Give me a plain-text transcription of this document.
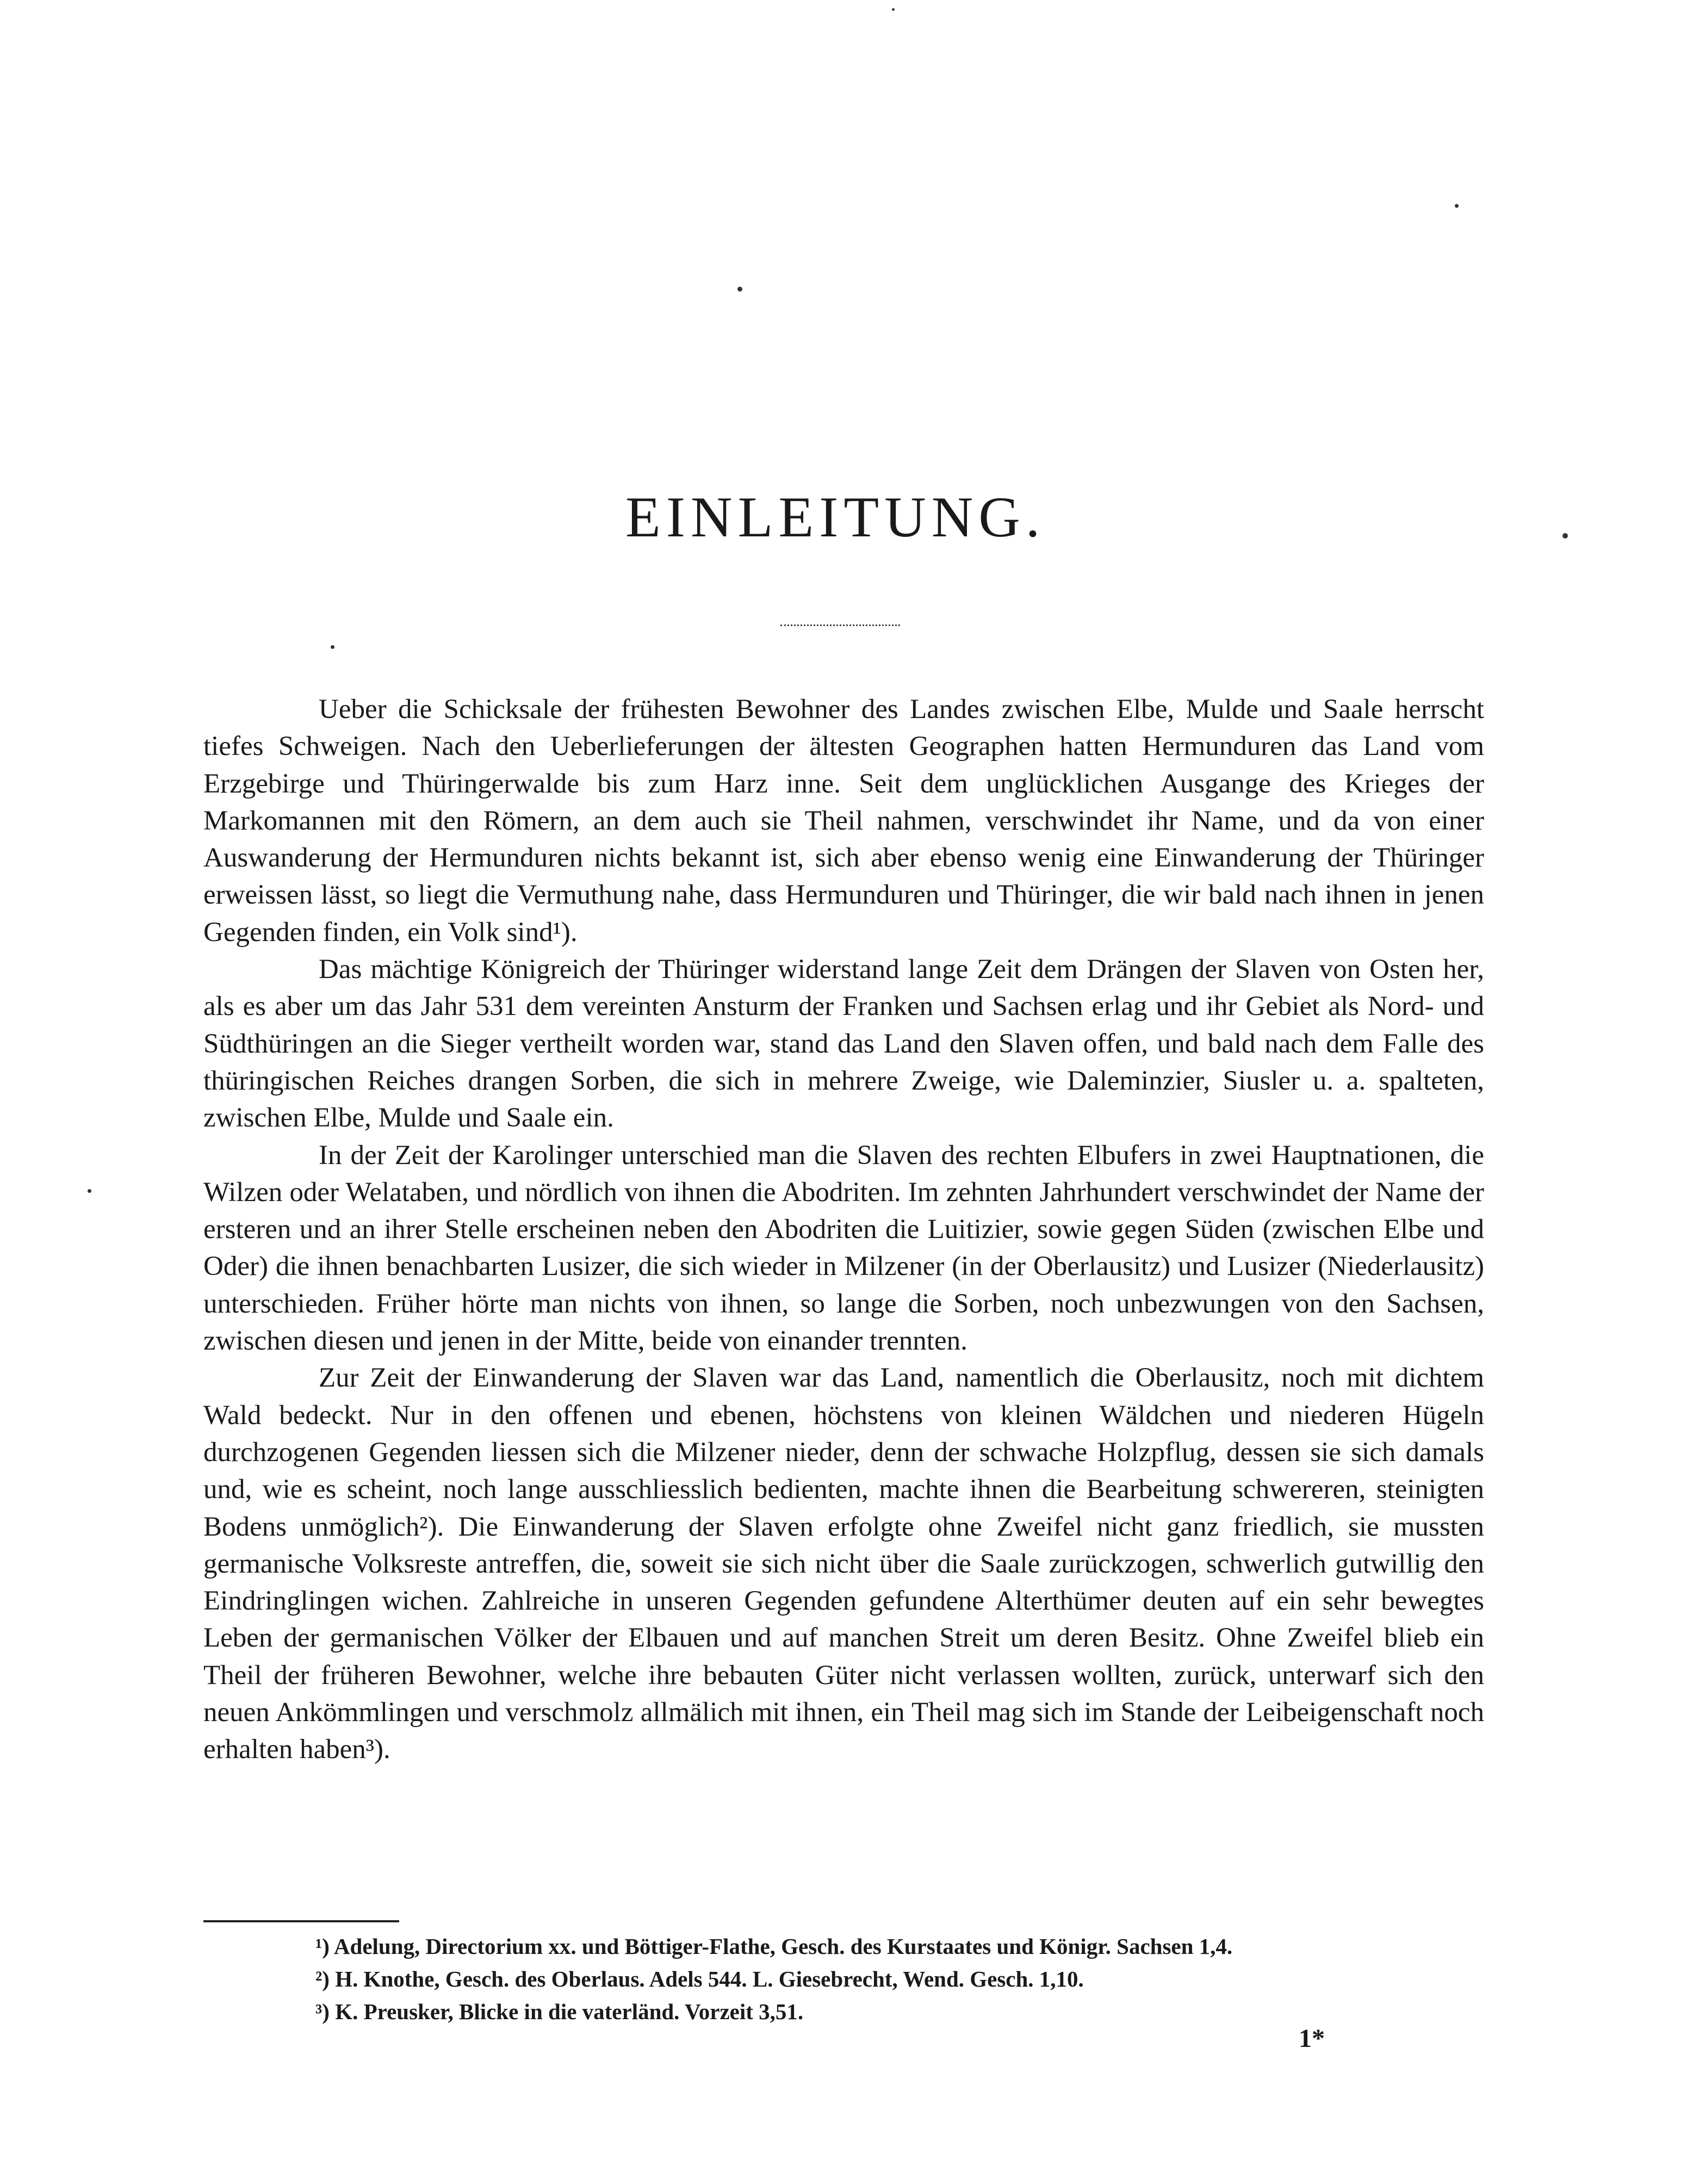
EINLEITUNG.

Ueber die Schicksale der frühesten Bewohner des Landes zwischen Elbe, Mulde und Saale herrscht tiefes Schweigen. Nach den Ueberlieferungen der ältesten Geographen hatten Hermunduren das Land vom Erzgebirge und Thüringerwalde bis zum Harz inne. Seit dem unglücklichen Ausgange des Krieges der Markomannen mit den Römern, an dem auch sie Theil nahmen, verschwindet ihr Name, und da von einer Auswanderung der Hermunduren nichts bekannt ist, sich aber ebenso wenig eine Einwanderung der Thüringer erweissen lässt, so liegt die Vermuthung nahe, dass Hermunduren und Thüringer, die wir bald nach ihnen in jenen Gegenden finden, ein Volk sind¹).

Das mächtige Königreich der Thüringer widerstand lange Zeit dem Drängen der Slaven von Osten her, als es aber um das Jahr 531 dem vereinten Ansturm der Franken und Sachsen erlag und ihr Gebiet als Nord- und Südthüringen an die Sieger vertheilt worden war, stand das Land den Slaven offen, und bald nach dem Falle des thüringischen Reiches drangen Sorben, die sich in mehrere Zweige, wie Daleminzier, Siusler u. a. spalteten, zwischen Elbe, Mulde und Saale ein.

In der Zeit der Karolinger unterschied man die Slaven des rechten Elbufers in zwei Hauptnationen, die Wilzen oder Welataben, und nördlich von ihnen die Abodriten. Im zehnten Jahrhundert verschwindet der Name der ersteren und an ihrer Stelle erscheinen neben den Abodriten die Luitizier, sowie gegen Süden (zwischen Elbe und Oder) die ihnen benachbarten Lusizer, die sich wieder in Milzener (in der Oberlausitz) und Lusizer (Niederlausitz) unterschieden. Früher hörte man nichts von ihnen, so lange die Sorben, noch unbezwungen von den Sachsen, zwischen diesen und jenen in der Mitte, beide von einander trennten.

Zur Zeit der Einwanderung der Slaven war das Land, namentlich die Oberlausitz, noch mit dichtem Wald bedeckt. Nur in den offenen und ebenen, höchstens von kleinen Wäldchen und niederen Hügeln durchzogenen Gegenden liessen sich die Milzener nieder, denn der schwache Holzpflug, dessen sie sich damals und, wie es scheint, noch lange ausschliesslich bedienten, machte ihnen die Bearbeitung schwereren, steinigten Bodens unmöglich²). Die Einwanderung der Slaven erfolgte ohne Zweifel nicht ganz friedlich, sie mussten germanische Volksreste antreffen, die, soweit sie sich nicht über die Saale zurückzogen, schwerlich gutwillig den Eindringlingen wichen. Zahlreiche in unseren Gegenden gefundene Alterthümer deuten auf ein sehr bewegtes Leben der germanischen Völker der Elbauen und auf manchen Streit um deren Besitz. Ohne Zweifel blieb ein Theil der früheren Bewohner, welche ihre bebauten Güter nicht verlassen wollten, zurück, unterwarf sich den neuen Ankömmlingen und verschmolz allmälich mit ihnen, ein Theil mag sich im Stande der Leibeigenschaft noch erhalten haben³).

¹) Adelung, Directorium xx. und Böttiger-Flathe, Gesch. des Kurstaates und Königr. Sachsen 1,4.
²) H. Knothe, Gesch. des Oberlaus. Adels 544. L. Giesebrecht, Wend. Gesch. 1,10.
³) K. Preusker, Blicke in die vaterländ. Vorzeit 3,51.
1*
